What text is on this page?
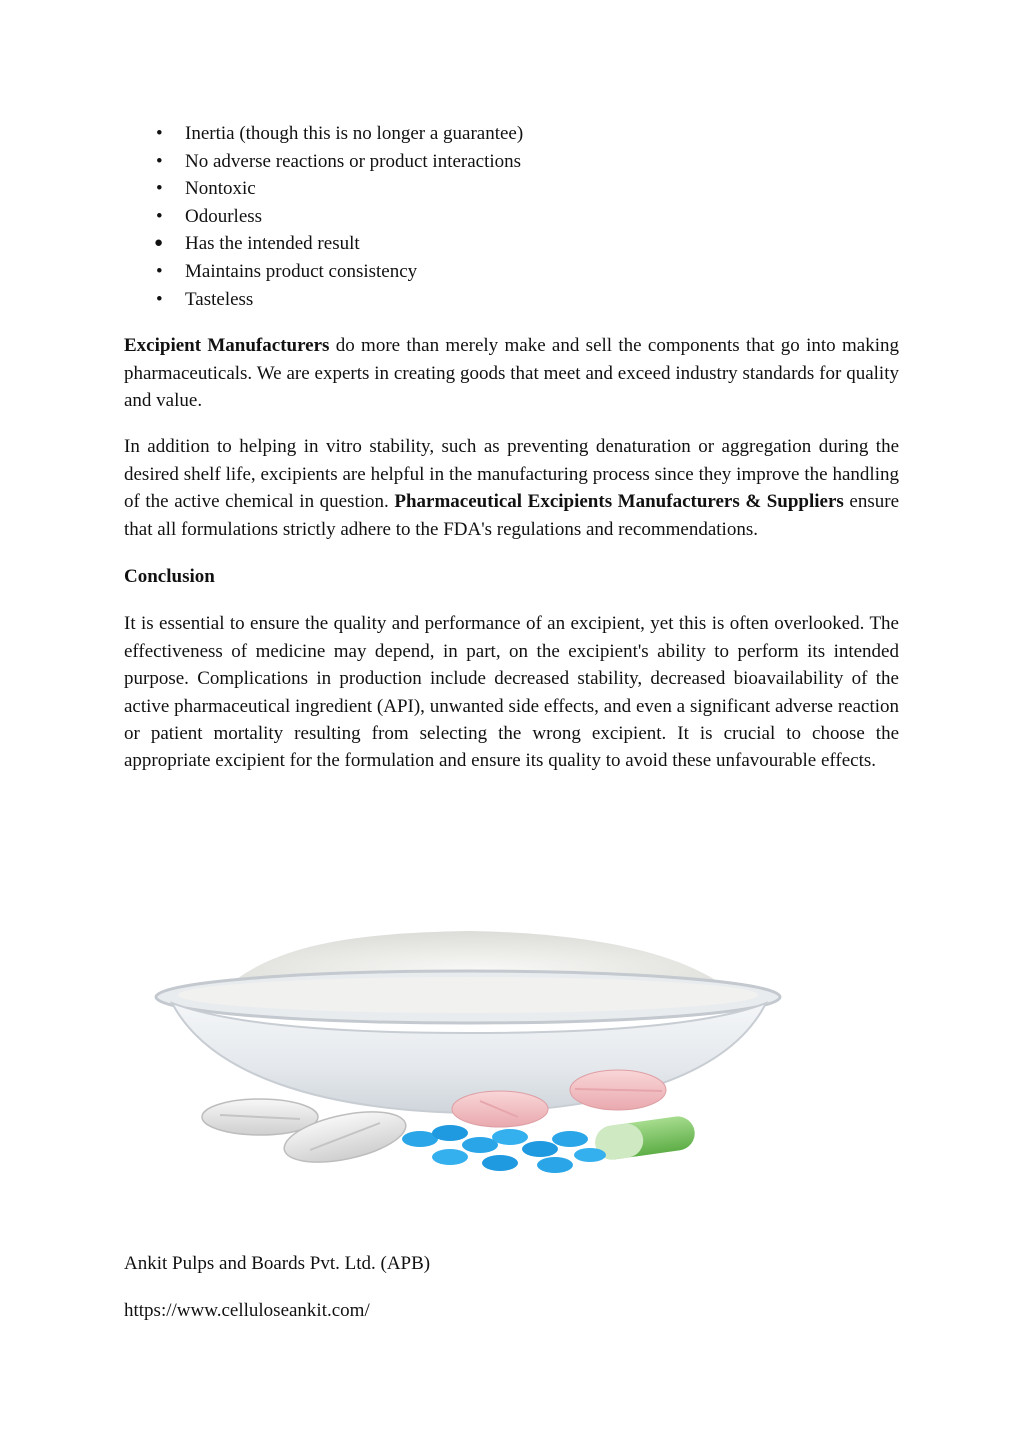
• Inertia (though this is no longer a guarantee)
• No adverse reactions or product interactions
• Nontoxic
• Odourless
● Has the intended result
• Maintains product consistency
• Tasteless

Excipient Manufacturers do more than merely make and sell the components that go into making pharmaceuticals. We are experts in creating goods that meet and exceed industry standards for quality and value.

In addition to helping in vitro stability, such as preventing denaturation or aggregation during the desired shelf life, excipients are helpful in the manufacturing process since they improve the handling of the active chemical in question. Pharmaceutical Excipients Manufacturers & Suppliers ensure that all formulations strictly adhere to the FDA's regulations and recommendations.

Conclusion

It is essential to ensure the quality and performance of an excipient, yet this is often overlooked. The effectiveness of medicine may depend, in part, on the excipient's ability to perform its intended purpose. Complications in production include decreased stability, decreased bioavailability of the active pharmaceutical ingredient (API), unwanted side effects, and even a significant adverse reaction or patient mortality resulting from selecting the wrong excipient. It is crucial to choose the appropriate excipient for the formulation and ensure its quality to avoid these unfavourable effects.

Ankit Pulps and Boards Pvt. Ltd. (APB)
https://www.celluloseankit.com/
